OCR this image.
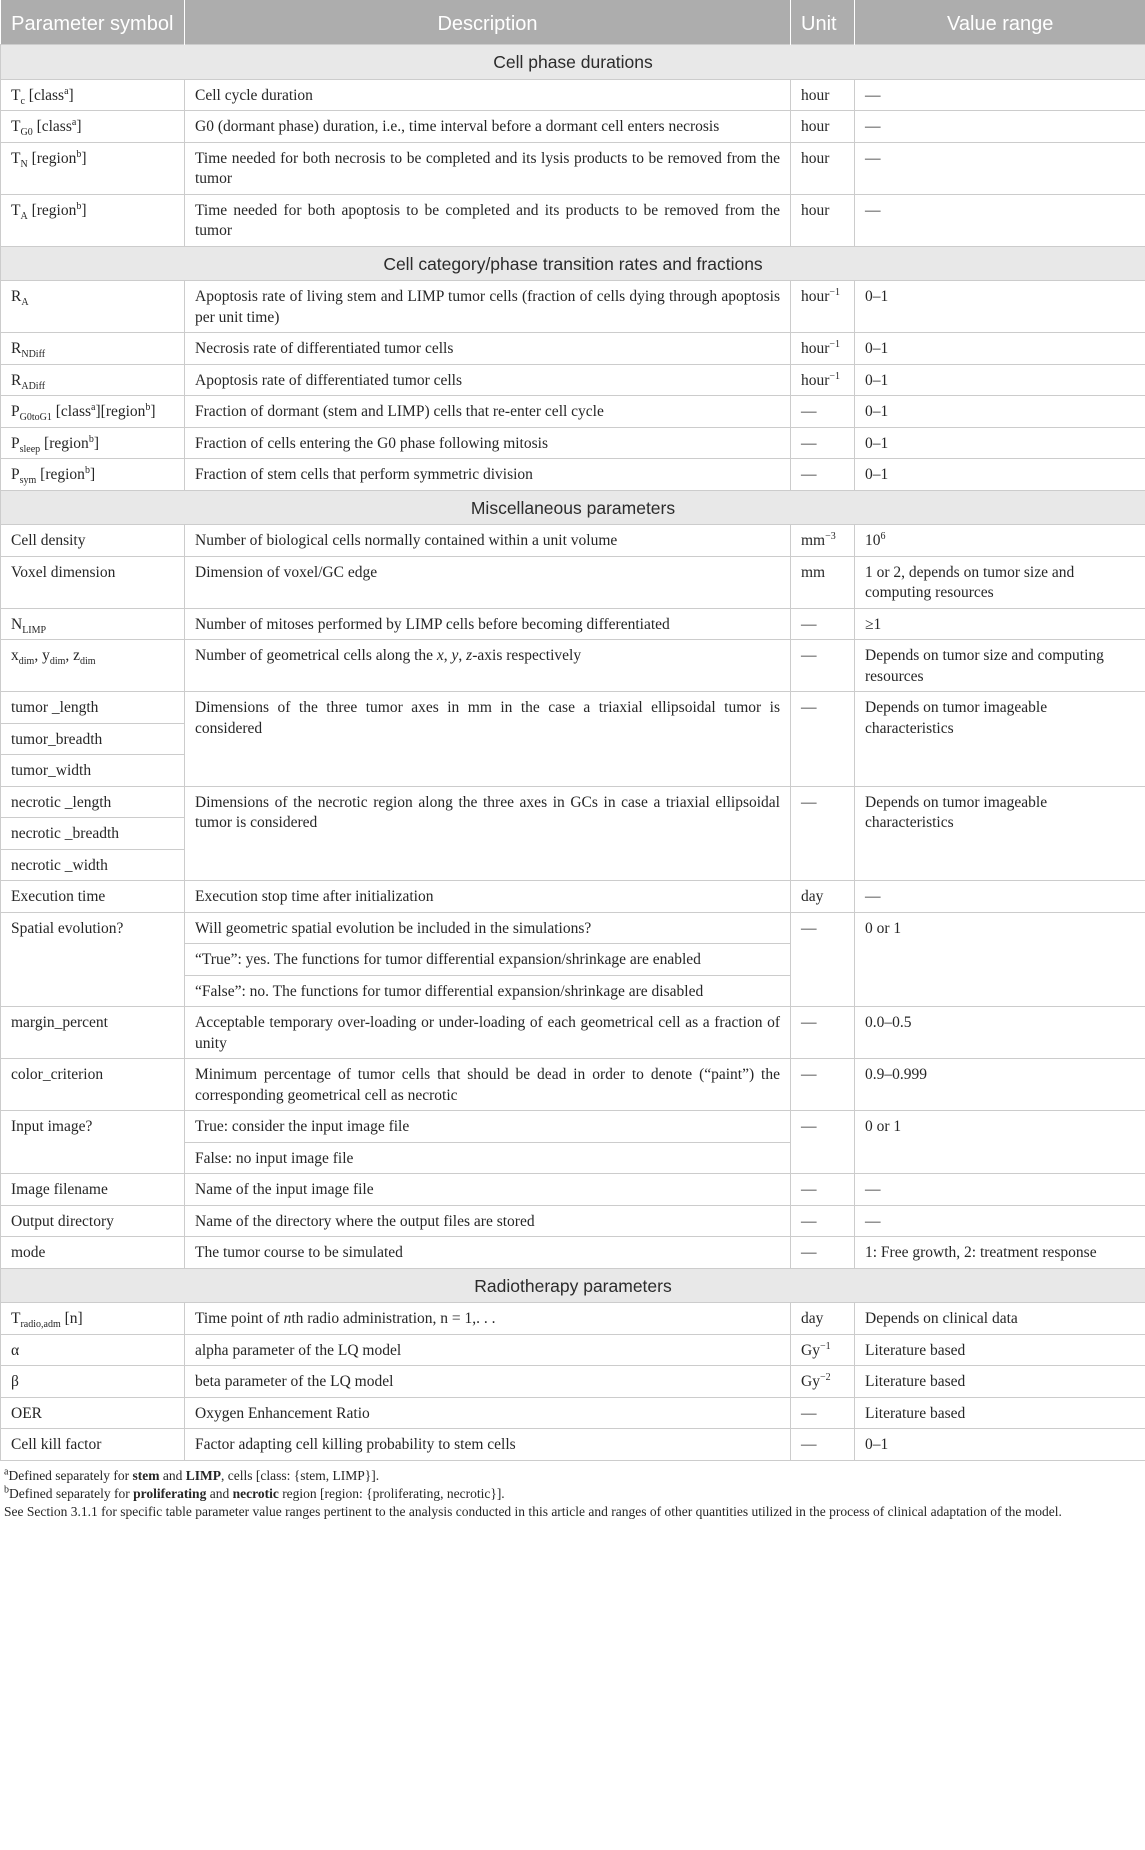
Parameter symbol	Description	Unit	Value range
Cell phase durations			
$T_c$ [class$^a$]	Cell cycle duration	hour	—
$T_{G0}$ [class$^a$]	G0 (dormant phase) duration, i.e., time interval before a dormant cell enters necrosis	hour	—
$T_N$ [region$^b$]	Time needed for both necrosis to be completed and its lysis products to be removed from the tumor	hour	—
$T_A$ [region$^b$]	Time needed for both apoptosis to be completed and its products to be removed from the tumor	hour	—
Cell category/phase transition rates and fractions			
$R_A$	Apoptosis rate of living stem and LIMP tumor cells (fraction of cells dying through apoptosis per unit time)	hour$^{-1}$	0–1
$R_{NDiff}$	Necrosis rate of differentiated tumor cells	hour$^{-1}$	0–1
$R_{ADiff}$	Apoptosis rate of differentiated tumor cells	hour$^{-1}$	0–1
$P_{G0toG1}$ [class$^a$][region$^b$]	Fraction of dormant (stem and LIMP) cells that re-enter cell cycle	—	0–1
$P_{sleep}$ [region$^b$]	Fraction of cells entering the G0 phase following mitosis	—	0–1
$P_{sym}$ [region$^b$]	Fraction of stem cells that perform symmetric division	—	0–1
Miscellaneous parameters			
Cell density	Number of biological cells normally contained within a unit volume	$mm^{-3}$	$10^6$
Voxel dimension	Dimension of voxel/GC edge	mm	1 or 2, depends on tumor size and computing resources
$N_{LIMP}$	Number of mitoses performed by LIMP cells before becoming differentiated	—	≥1
$x_{dim}$, $y_{dim}$, $z_{dim}$	Number of geometrical cells along the x, y, z-axis respectively	—	Depends on tumor size and computing resources
tumor _length	Dimensions of the three tumor axes in mm in the case a triaxial ellipsoidal tumor is considered	—	Depends on tumor imageable characteristics
tumor_breadth			
tumor_width			
necrotic _length	Dimensions of the necrotic region along the three axes in GCs in case a triaxial ellipsoidal tumor is considered	—	Depends on tumor imageable characteristics
necrotic _breadth			
necrotic _width			
Execution time	Execution stop time after initialization	day	—
Spatial evolution?	Will geometric spatial evolution be included in the simulations?	—	0 or 1
	“True”: yes. The functions for tumor differential expansion/shrinkage are enabled		
	“False”: no. The functions for tumor differential expansion/shrinkage are disabled		
margin_percent	Acceptable temporary over-loading or under-loading of each geometrical cell as a fraction of unity	—	0.0–0.5
color_criterion	Minimum percentage of tumor cells that should be dead in order to denote (“paint”) the corresponding geometrical cell as necrotic	—	0.9–0.999
Input image?	True: consider the input image file	—	0 or 1
	False: no input image file		
Image filename	Name of the input image file	—	—
Output directory	Name of the directory where the output files are stored	—	—
mode	The tumor course to be simulated	—	1: Free growth, 2: treatment response
Radiotherapy parameters			
$T_{radio,adm}$ [n]	Time point of nth radio administration, n = 1,. . .	day	Depends on clinical data
α	alpha parameter of the LQ model	$Gy^{-1}$	Literature based
β	beta parameter of the LQ model	$Gy^{-2}$	Literature based
OER	Oxygen Enhancement Ratio	—	Literature based
Cell kill factor	Factor adapting cell killing probability to stem cells	—	0–1

$^a$Defined separately for stem and LIMP, cells [class: {stem, LIMP}].

$^b$Defined separately for proliferating and necrotic region [region: {proliferating, necrotic}].

See Section 3.1.1 for specific table parameter value ranges pertinent to the analysis conducted in this article and ranges of other quantities utilized in the process of clinical adaptation of the model.
